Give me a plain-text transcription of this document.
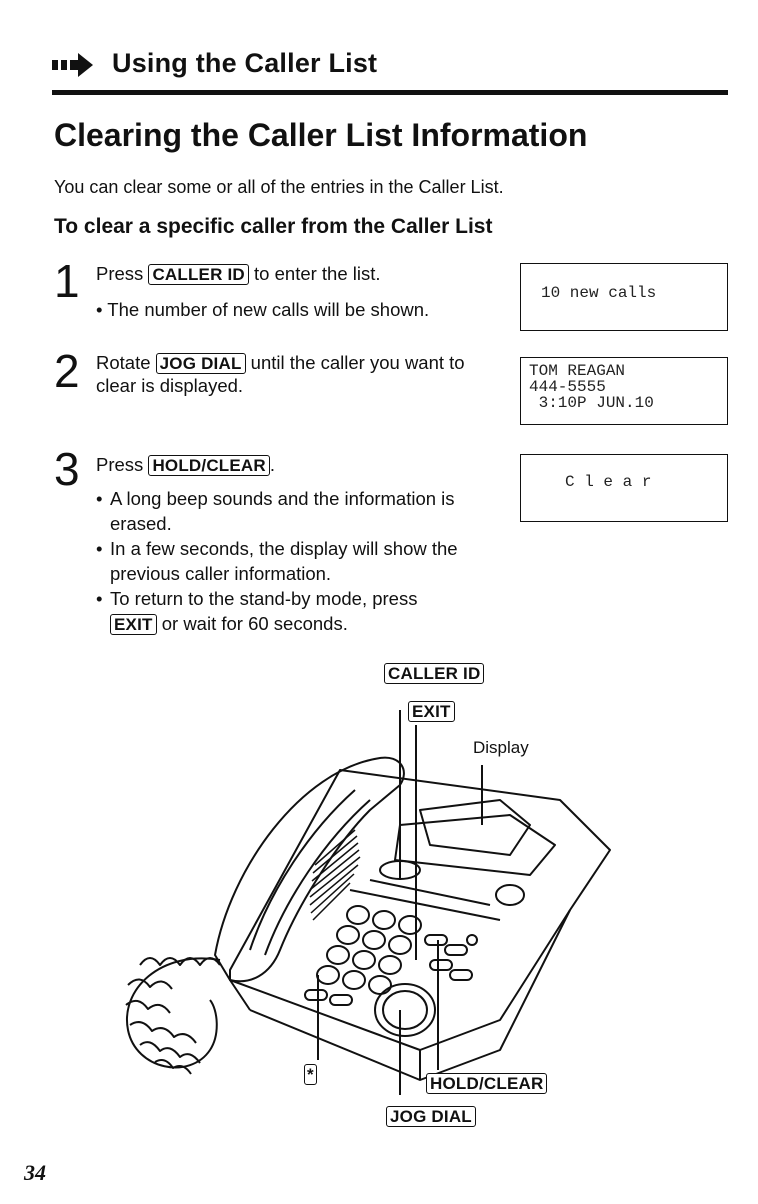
Using the Caller List
Clearing the Caller List Information
You can clear some or all of the entries in the Caller List.
To clear a specific caller from the Caller List
1 Press CALLER ID to enter the list.
• The number of new calls will be shown.
2 Rotate JOG DIAL until the caller you want to clear is displayed.
3 Press HOLD/CLEAR .
• A long beep sounds and the information is erased.
• In a few seconds, the display will show the previous caller information.
• To return to the stand-by mode, press
EXIT or wait for 60 seconds.
10 new calls
TOM REAGAN
444-5555
3:10P JUN.10
C l e a r
CALLER ID
EXIT
Display
*	HOLD/CLEAR
JOG DIAL
34
